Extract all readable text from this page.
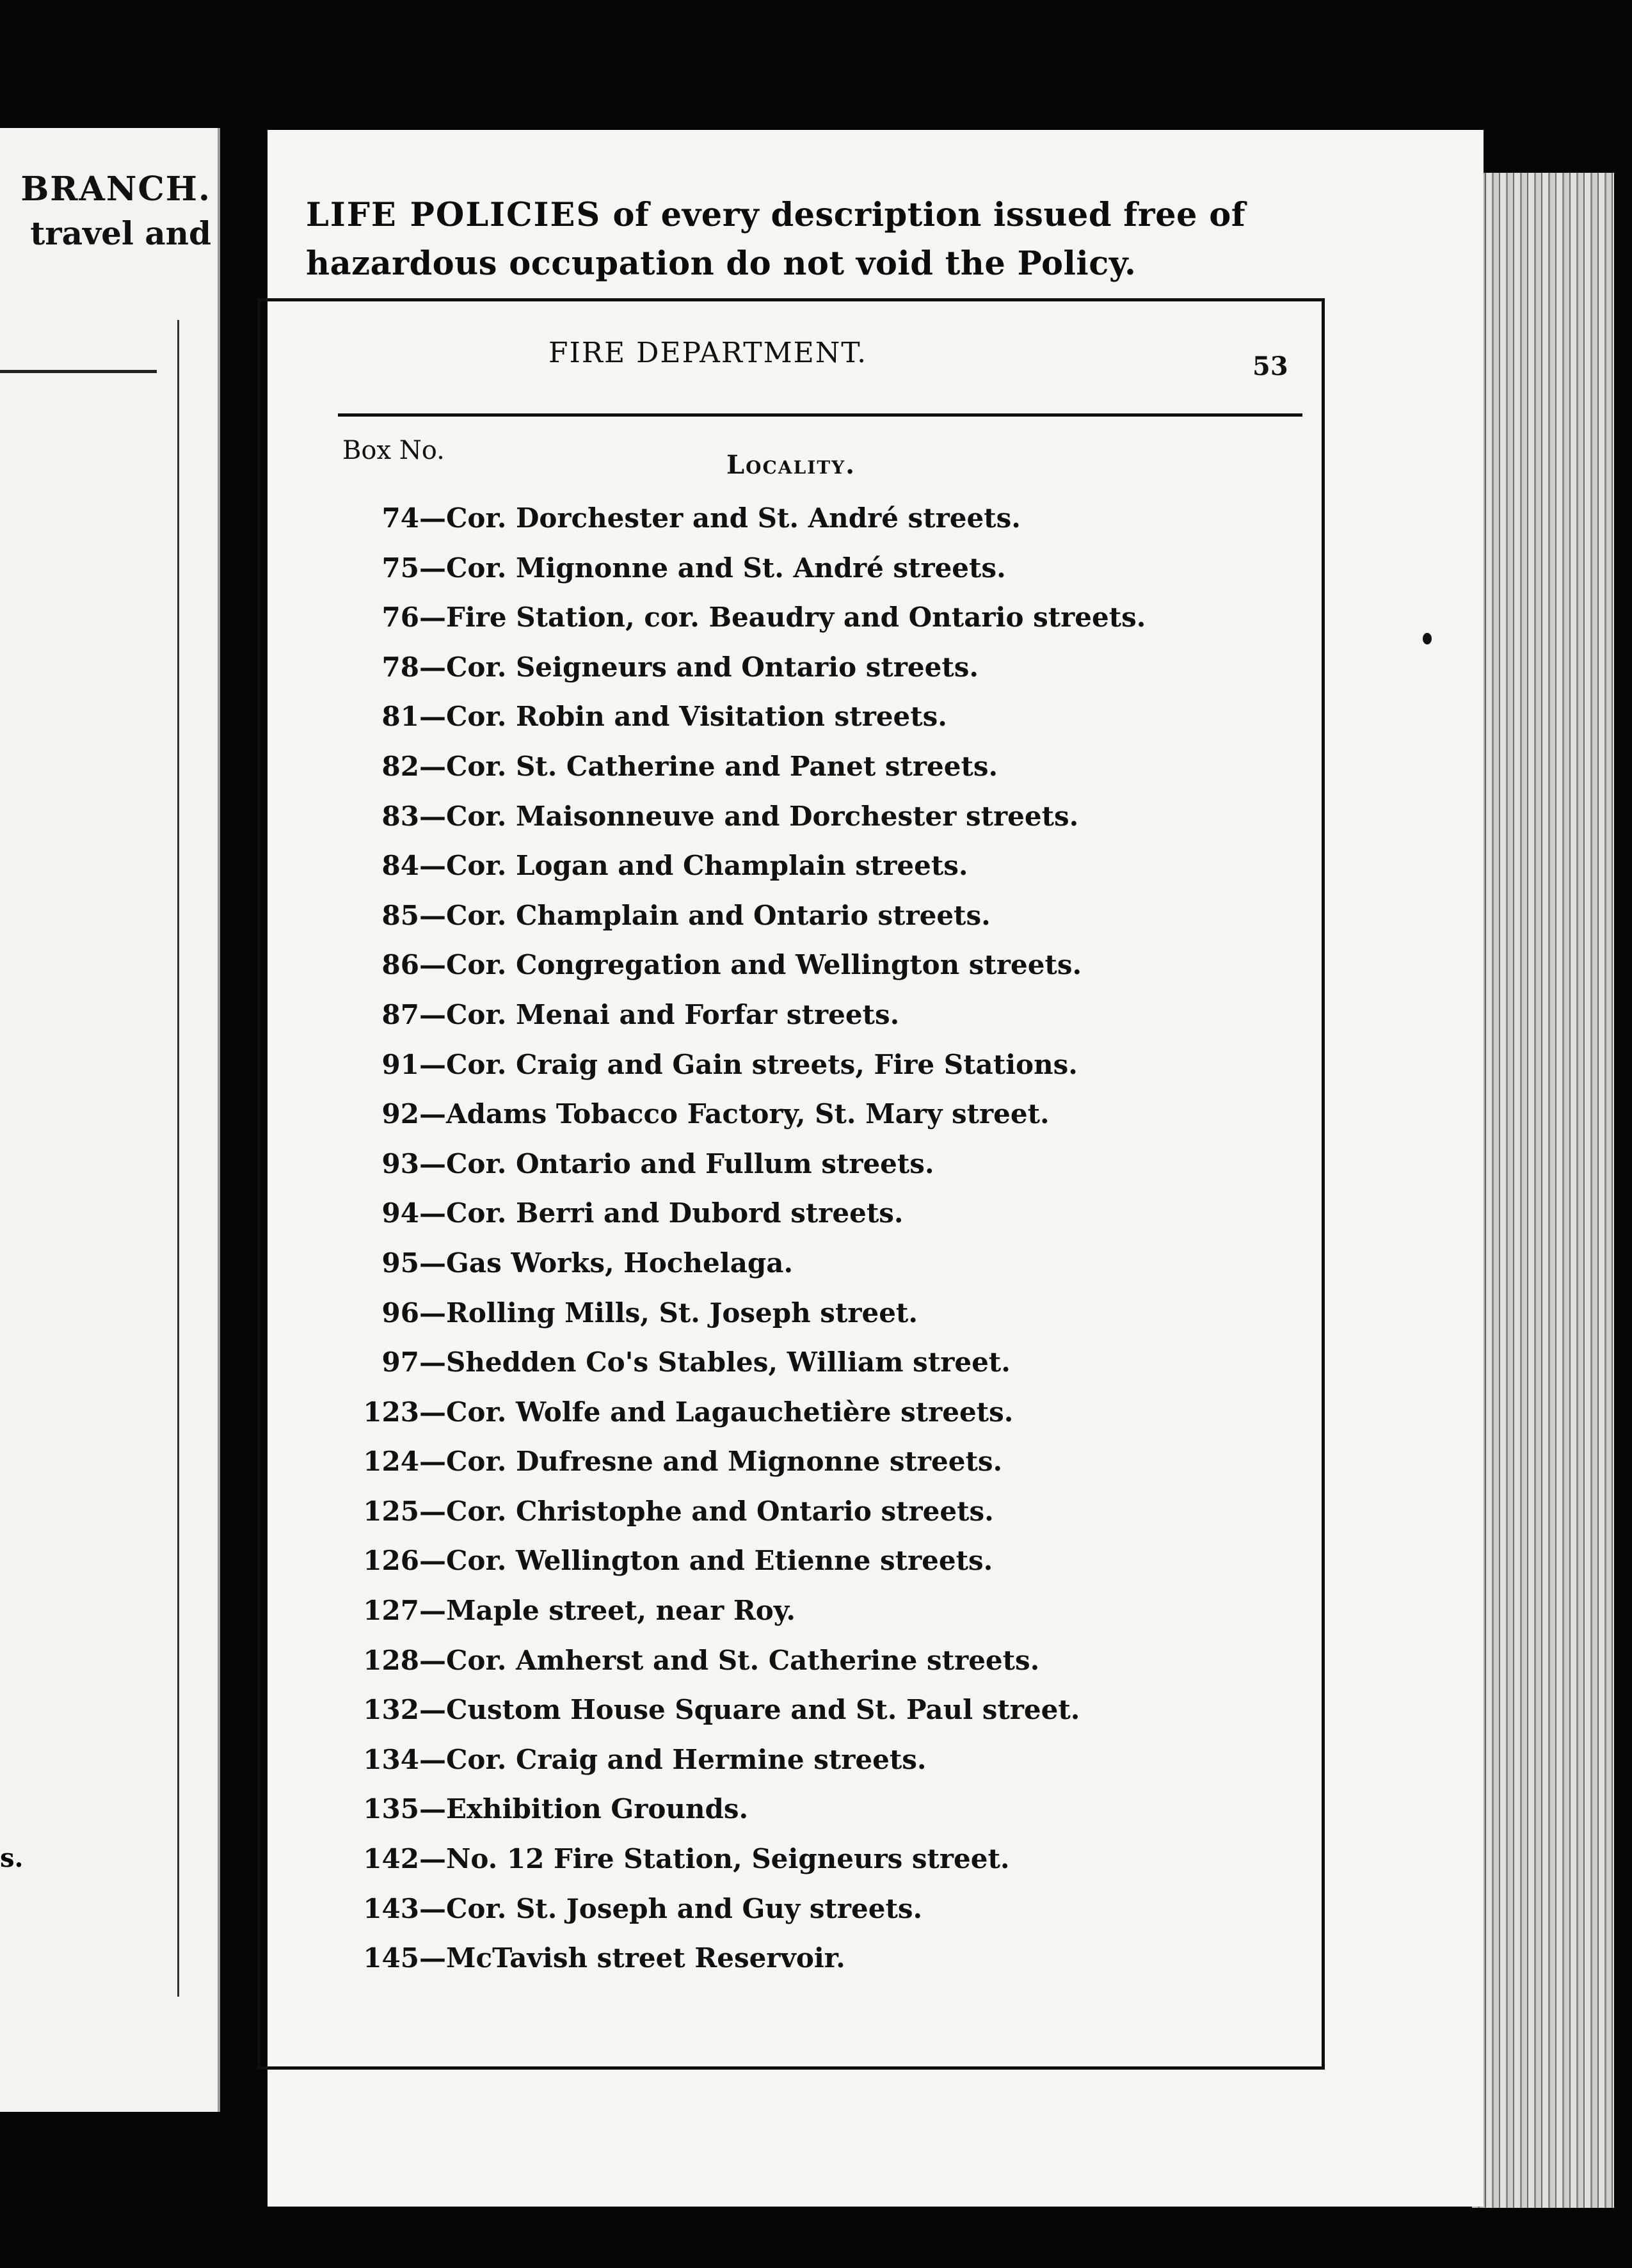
BRANCH.
travel and
s.
LIFE POLICIES of every description issued free of
hazardous occupation do not void the Policy.
FIRE DEPARTMENT.	53
Box No.	Locality.
74—Cor. Dorchester and St. André streets.
75—Cor. Mignonne and St. André streets.
76—Fire Station, cor. Beaudry and Ontario streets.
78—Cor. Seigneurs and Ontario streets.
81—Cor. Robin and Visitation streets.
82—Cor. St. Catherine and Panet streets.
83—Cor. Maisonneuve and Dorchester streets.
84—Cor. Logan and Champlain streets.
85—Cor. Champlain and Ontario streets.
86—Cor. Congregation and Wellington streets.
87—Cor. Menai and Forfar streets.
91—Cor. Craig and Gain streets, Fire Stations.
92—Adams Tobacco Factory, St. Mary street.
93—Cor. Ontario and Fullum streets.
94—Cor. Berri and Dubord streets.
95—Gas Works, Hochelaga.
96—Rolling Mills, St. Joseph street.
97—Shedden Co's Stables, William street.
123—Cor. Wolfe and Lagauchetière streets.
124—Cor. Dufresne and Mignonne streets.
125—Cor. Christophe and Ontario streets.
126—Cor. Wellington and Etienne streets.
127—Maple street, near Roy.
128—Cor. Amherst and St. Catherine streets.
132—Custom House Square and St. Paul street.
134—Cor. Craig and Hermine streets.
135—Exhibition Grounds.
142—No. 12 Fire Station, Seigneurs street.
143—Cor. St. Joseph and Guy streets.
145—McTavish street Reservoir.
